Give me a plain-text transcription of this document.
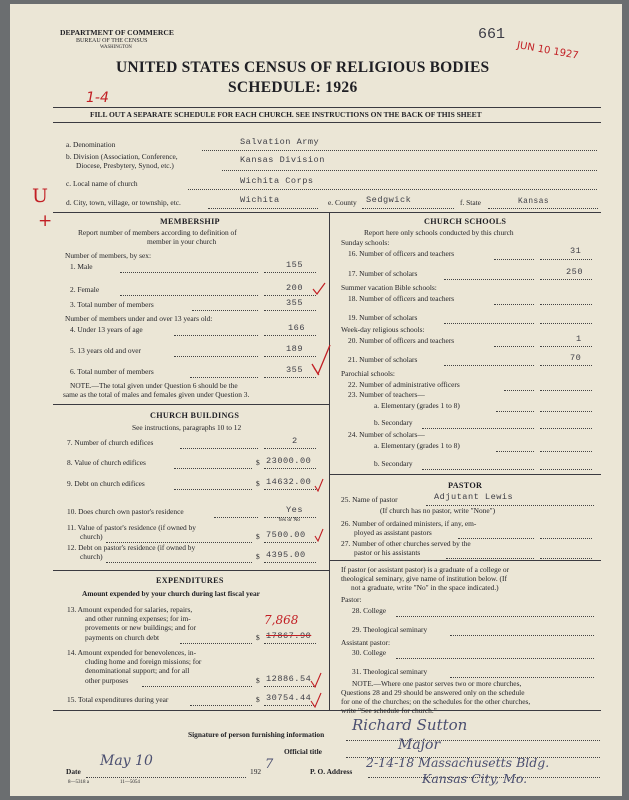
DEPARTMENT OF COMMERCE
BUREAU OF THE CENSUS
WASHINGTON
661
JUN 10 1927
UNITED STATES CENSUS OF RELIGIOUS BODIES
SCHEDULE: 1926
1-4
FILL OUT A SEPARATE SCHEDULE FOR EACH CHURCH. SEE INSTRUCTIONS ON THE BACK OF THIS SHEET
a. Denomination	Salvation Army
b. Division (Association, Conference,
Diocese, Presbytery, Synod, etc.)
Kansas Division
c. Local name of church	Wichita Corps
U
+
d. City, town, village, or township, etc.	Wichita	e. County Sedgwick	f. State	Kansas
MEMBERSHIP
Report number of members according to definition of
member in your church
Number of members, by sex:
1. Male	155
2. Female	200
3. Total number of members	355
Number of members under and over 13 years old:
4. Under 13 years of age	166
5. 13 years old and over	189
6. Total number of members	355
NOTE.—The total given under Question 6 should be the
same as the total of males and females given under Question 3.
CHURCH BUILDINGS
See instructions, paragraphs 10 to 12
7. Number of church edifices	2
8. Value of church edifices	$ 23000.00
9. Debt on church edifices	$ 14632.00
10. Does church own pastor's residence	Yes
Yes or No
11. Value of pastor's residence (if owned by
church)	$ 7500.00
12. Debt on pastor's residence (if owned by
church)	$ 4395.00
EXPENDITURES
Amount expended by your church during last fiscal year
13. Amount expended for salaries, repairs,
and other running expenses; for im-
provements or new buildings; and for
payments on church debt	$ 17867.90
7,868
14. Amount expended for benevolences, in-
cluding home and foreign missions; for
denominational support; and for all
other purposes	$ 12886.54
15. Total expenditures during year	$ 30754.44
CHURCH SCHOOLS
Report here only schools conducted by this church
Sunday schools:
16. Number of officers and teachers	31
17. Number of scholars	250
Summer vacation Bible schools:
18. Number of officers and teachers
19. Number of scholars
Week-day religious schools:
20. Number of officers and teachers	1
21. Number of scholars	70
Parochial schools:
22. Number of administrative officers
23. Number of teachers—
a. Elementary (grades 1 to 8)
b. Secondary
24. Number of scholars—
a. Elementary (grades 1 to 8)
b. Secondary
PASTOR
25. Name of pastor	Adjutant Lewis
(If church has no pastor, write "None")
26. Number of ordained ministers, if any, em-
ployed as assistant pastors
27. Number of other churches served by the
pastor or his assistants
If pastor (or assistant pastor) is a graduate of a college or
theological seminary, give name of institution below. (If
not a graduate, write "No" in the space indicated.)
Pastor:
28. College
29. Theological seminary
Assistant pastor:
30. College
31. Theological seminary
NOTE.—Where one pastor serves two or more churches,
Questions 28 and 29 should be answered only on the schedule
for one of the churches; on the schedules for the other churches,
write "See schedule for church."
Signature of person furnishing information
Richard Sutton
Official title	Major
Date
May 10
192 7	P. O. Address
2-14-18 Massachusetts Bldg.
Kansas City, Mo.
8—5318 a	11—5054
